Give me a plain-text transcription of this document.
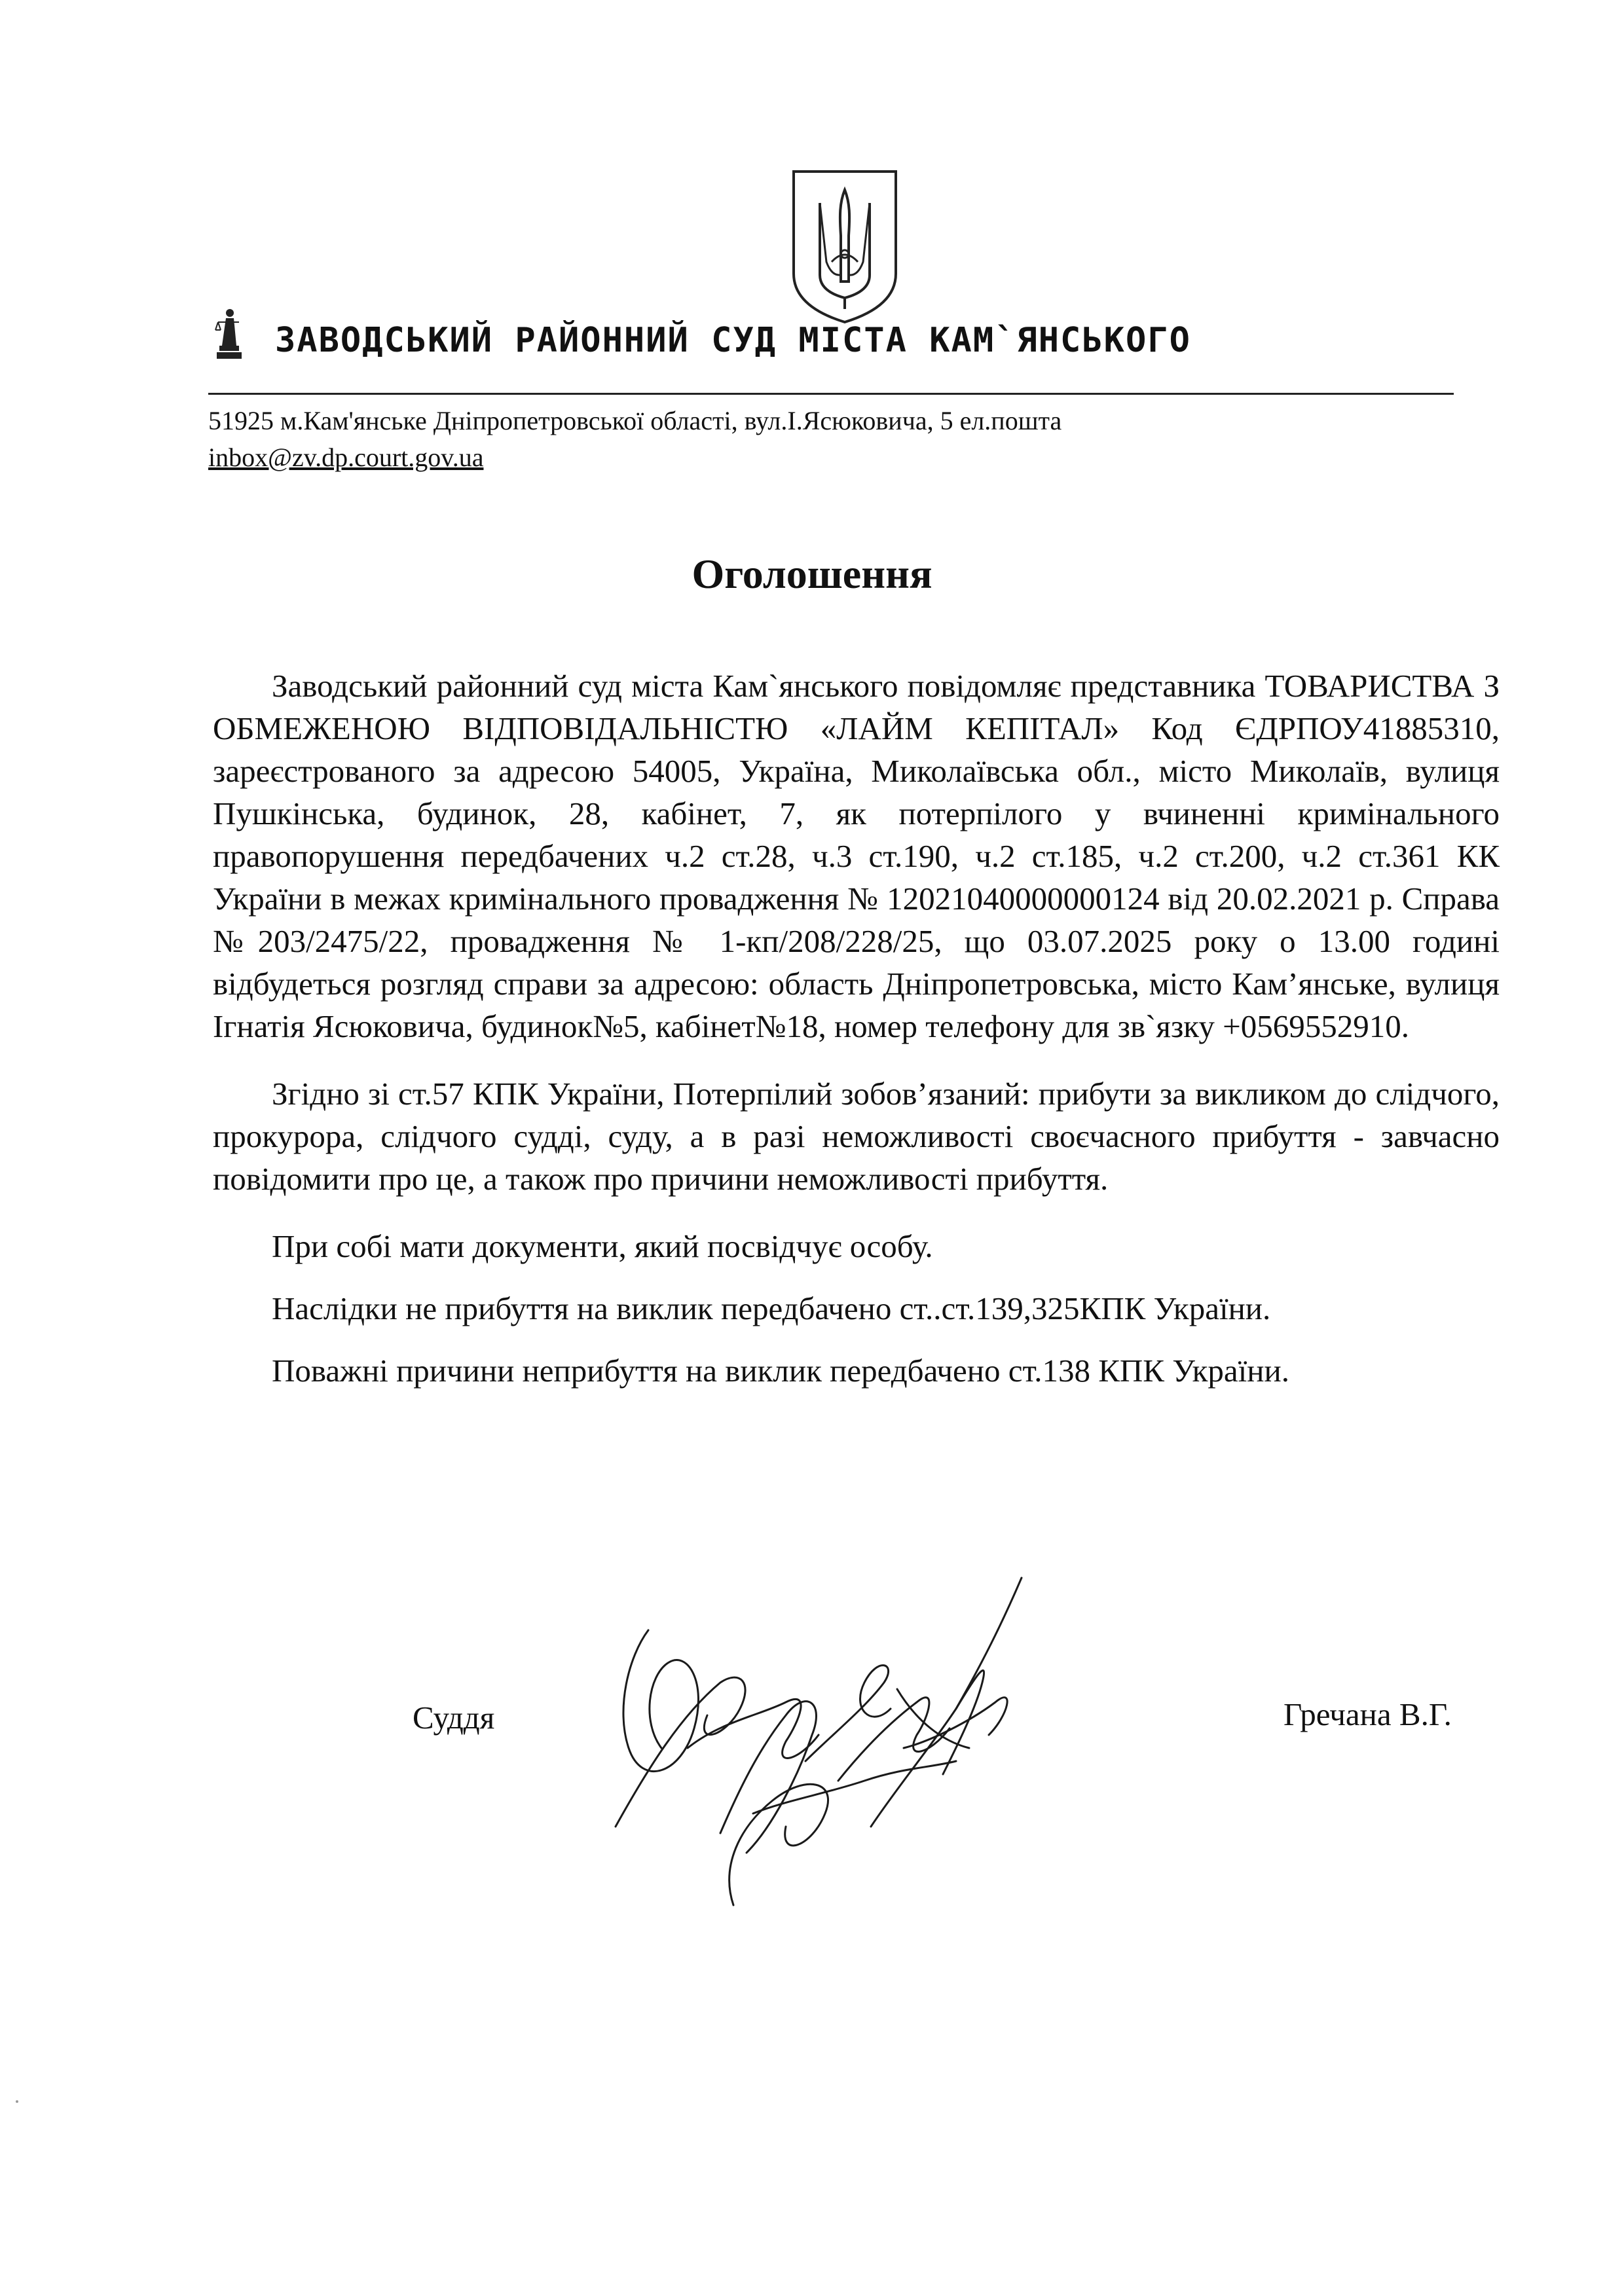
ЗАВОДСЬКИЙ РАЙОННИЙ СУД МІСТА КАМ`ЯНСЬКОГО
51925 м.Кам'янське Дніпропетровської області, вул.І.Ясюковича, 5 ел.пошта
inbox@zv.dp.court.gov.ua
Оголошення

Заводський районний суд міста Кам`янського повідомляє представника ТОВАРИСТВА З ОБМЕЖЕНОЮ ВІДПОВІДАЛЬНІСТЮ «ЛАЙМ КЕПІТАЛ» Код ЄДРПОУ41885310, зареєстрованого за адресою 54005, Україна, Миколаївська обл., місто Миколаїв, вулиця Пушкінська, будинок, 28, кабінет, 7, як потерпілого у вчиненні кримінального правопорушення передбачених ч.2 ст.28, ч.3 ст.190, ч.2 ст.185, ч.2 ст.200, ч.2 ст.361 КК України в межах кримінального провадження № 12021040000000124 від 20.02.2021 р. Справа №203/2475/22, провадження № 1-кп/208/228/25, що 03.07.2025 року о 13.00 годині відбудеться розгляд справи за адресою: область Дніпропетровська, місто Кам’янське, вулиця Ігнатія Ясюковича, будинок№5, кабінет№18, номер телефону для зв`язку +0569552910.

Згідно зі ст.57 КПК України, Потерпілий зобов’язаний: прибути за викликом до слідчого, прокурора, слідчого судді, суду, а в разі неможливості своєчасного прибуття - завчасно повідомити про це, а також про причини неможливості прибуття.

При собі мати документи, який посвідчує особу.

Наслідки не прибуття на виклик передбачено ст..ст.139,325КПК України.

Поважні причини неприбуття на виклик передбачено ст.138 КПК України.

Суддя	Гречана В.Г.
